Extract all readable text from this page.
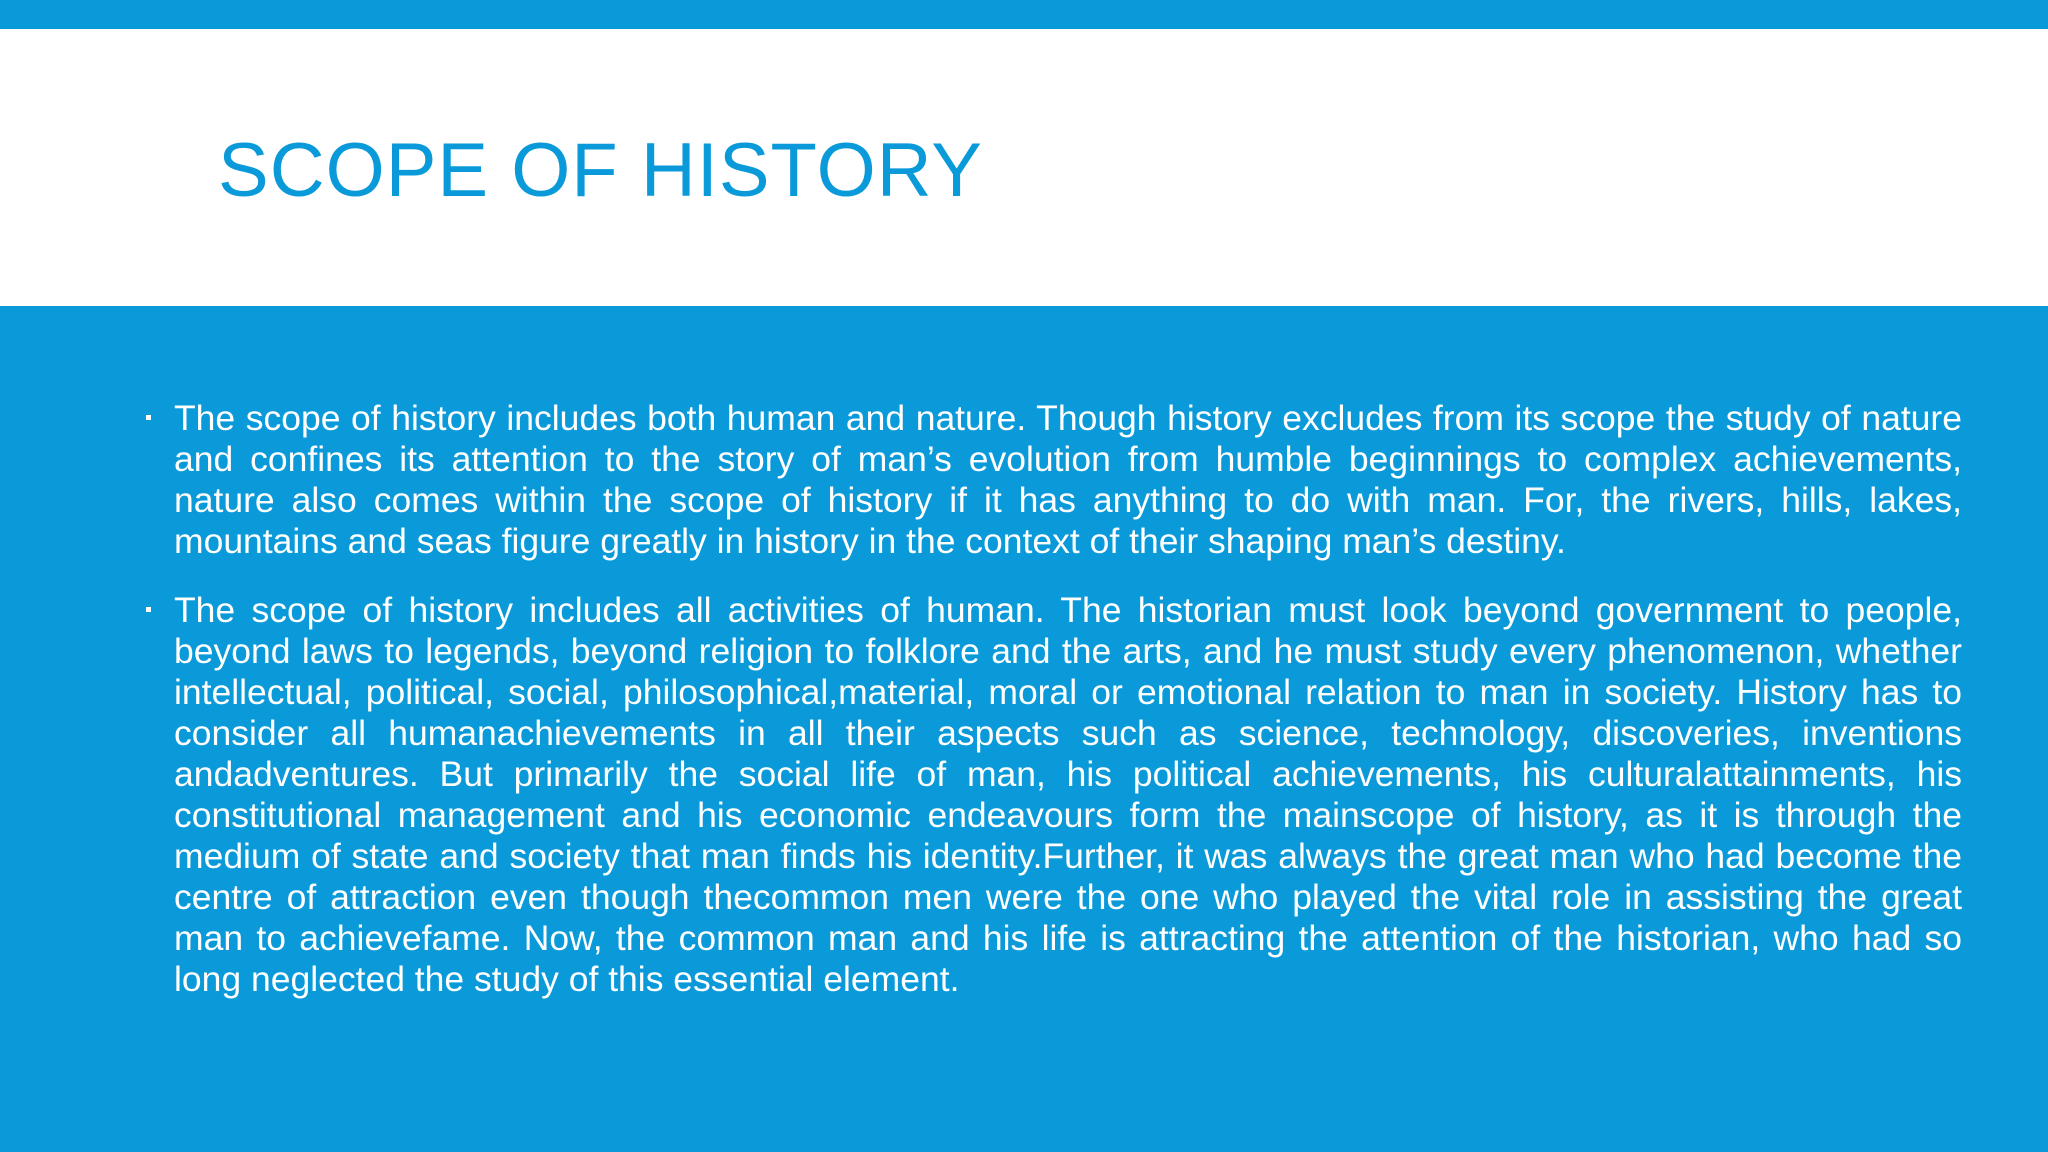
SCOPE OF HISTORY
The scope of history includes both human and nature. Though history excludes from its scope the study of nature and confines its attention to the story of man’s evolution from humble beginnings to complex achievements, nature also comes within the scope of history if it has anything to do with man. For, the rivers, hills, lakes, mountains and seas figure greatly in history in the context of their shaping man’s destiny.
The scope of history includes all activities of human. The historian must look beyond government to people, beyond laws to legends, beyond religion to folklore and the arts, and he must study every phenomenon, whether intellectual, political, social, philosophical,material, moral or emotional relation to man in society. History has to consider all humanachievements in all their aspects such as science, technology, discoveries, inventions andadventures. But primarily the social life of man, his political achievements, his culturalattainments, his constitutional management and his economic endeavours form the mainscope of history, as it is through the medium of state and society that man finds his identity.Further, it was always the great man who had become the centre of attraction even though thecommon men were the one who played the vital role in assisting the great man to achievefame. Now, the common man and his life is attracting the attention of the historian, who had so long neglected the study of this essential element.
